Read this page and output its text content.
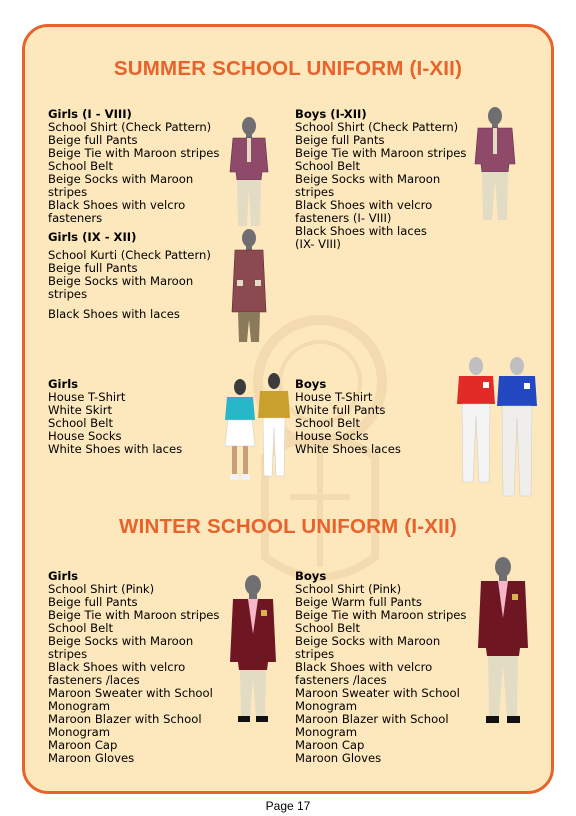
SUMMER SCHOOL UNIFORM (I-XII)
Girls (I - VIII)
School Shirt (Check Pattern)
Beige full Pants
Beige Tie with Maroon stripes
School Belt
Beige Socks with Maroon
stripes
Black Shoes with velcro
fasteners
Girls (IX - XII)
School Kurti (Check Pattern)
Beige full Pants
Beige Socks with Maroon
stripes
Black Shoes with laces
Boys (I-XII)
School Shirt (Check Pattern)
Beige full Pants
Beige Tie with Maroon stripes
School Belt
Beige Socks with Maroon
stripes
Black Shoes with velcro
fasteners (I- VIII)
Black Shoes with laces
(IX- VIII)
Girls
House T-Shirt
White Skirt
School Belt
House Socks
White Shoes with laces
Boys
House T-Shirt
White full Pants
School Belt
House Socks
White Shoes laces
WINTER SCHOOL UNIFORM (I-XII)
Girls
School Shirt (Pink)
Beige full Pants
Beige Tie with Maroon stripes
School Belt
Beige Socks with Maroon
stripes
Black Shoes with velcro
fasteners /laces
Maroon Sweater with School
Monogram
Maroon Blazer with School
Monogram
Maroon Cap
Maroon Gloves
Boys
School Shirt (Pink)
Beige Warm full Pants
Beige Tie with Maroon stripes
School Belt
Beige Socks with Maroon
stripes
Black Shoes with velcro
fasteners /laces
Maroon Sweater with School
Monogram
Maroon Blazer with School
Monogram
Maroon Cap
Maroon Gloves
Page 17
